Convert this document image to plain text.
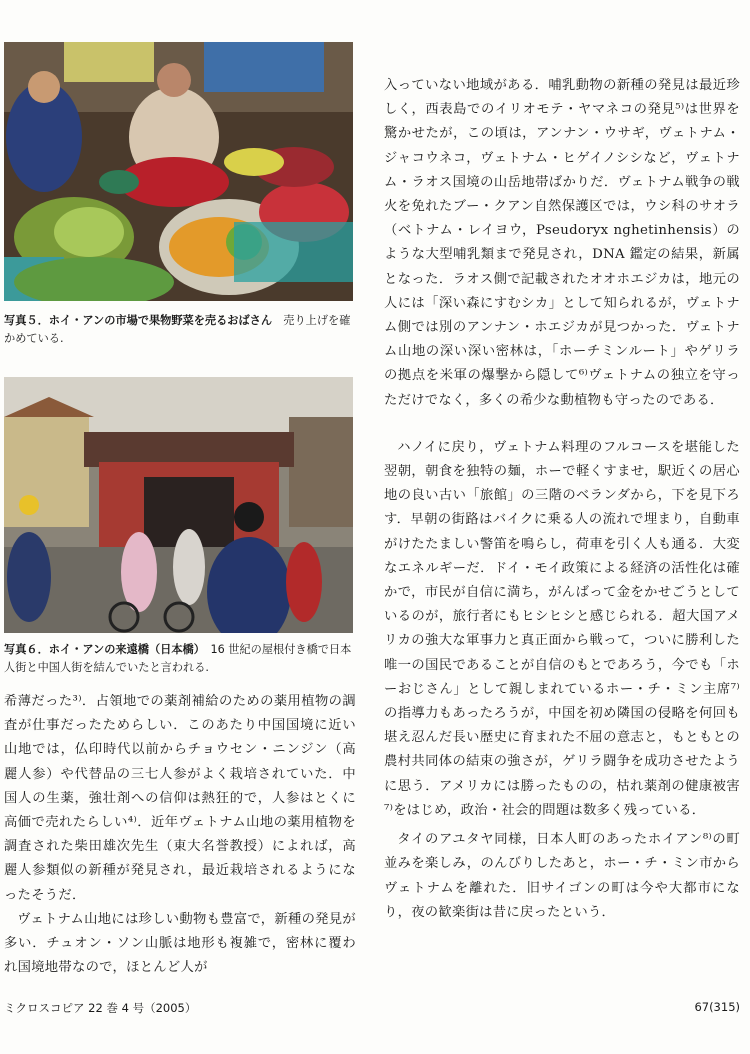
写真５．ホイ・アンの市場で果物野菜を売るおばさん　売り上げを確かめている.

写真６．ホイ・アンの来遠橋（日本橋）　16 世紀の屋根付き橋で日本人街と中国人街を結んでいたと言われる.

入っていない地域がある．哺乳動物の新種の発見は最近珍しく，西表島でのイリオモテ・ヤマネコの発見⁵⁾は世界を驚かせたが，この頃は，アンナン・ウサギ，ヴェトナム・ジャコウネコ，ヴェトナム・ヒゲイノシシなど，ヴェトナム・ラオス国境の山岳地帯ばかりだ．ヴェトナム戦争の戦火を免れたブー・クアン自然保護区では，ウシ科のサオラ（ベトナム・レイヨウ，Pseudoryx nghetinhensis）のような大型哺乳類まで発見され，DNA 鑑定の結果，新属となった．ラオス側で記載されたオオホエジカは，地元の人には「深い森にすむシカ」として知られるが，ヴェトナム側では別のアンナン・ホエジカが見つかった．ヴェトナム山地の深い深い密林は，「ホーチミンルート」やゲリラの拠点を米軍の爆撃から隠して⁶⁾ヴェトナムの独立を守っただけでなく，多くの希少な動植物も守ったのである．

ハノイに戻り，ヴェトナム料理のフルコースを堪能した翌朝，朝食を独特の麺，ホーで軽くすませ，駅近くの居心地の良い古い「旅館」の三階のベランダから，下を見下ろす．早朝の街路はバイクに乗る人の流れで埋まり，自動車がけたたましい警笛を鳴らし，荷車を引く人も通る．大変なエネルギーだ．ドイ・モイ政策による経済の活性化は確かで，市民が自信に満ち，がんばって金をかせごうとしているのが，旅行者にもヒシヒシと感じられる．超大国アメリカの強大な軍事力と真正面から戦って，ついに勝利した唯一の国民であることが自信のもとであろう，今でも「ホーおじさん」として親しまれているホー・チ・ミン主席⁷⁾の指導力もあったろうが，中国を初め隣国の侵略を何回も堪え忍んだ長い歴史に育まれた不屈の意志と，もともとの農村共同体の結束の強さが，ゲリラ闘争を成功させたように思う．アメリカには勝ったものの，枯れ薬剤の健康被害⁷⁾をはじめ，政治・社会的問題は数多く残っている．

タイのアユタヤ同様，日本人町のあったホイアン⁸⁾の町並みを楽しみ，のんびりしたあと，ホー・チ・ミン市からヴェトナムを離れた．旧サイゴンの町は今や大都市になり，夜の歓楽街は昔に戻ったという．

希薄だった³⁾．占領地での薬剤補給のための薬用植物の調査が仕事だったためらしい．このあたり中国国境に近い山地では，仏印時代以前からチョウセン・ニンジン（高麗人参）や代替品の三七人参がよく栽培されていた．中国人の生薬，強壮剤への信仰は熱狂的で，人参はとくに高価で売れたらしい⁴⁾．近年ヴェトナム山地の薬用植物を調査された柴田雄次先生（東大名誉教授）によれば，高麗人参類似の新種が発見され，最近栽培されるようになったそうだ．

ヴェトナム山地には珍しい動物も豊富で，新種の発見が多い．チュオン・ソン山脈は地形も複雑で，密林に覆われ国境地帯なので，ほとんど人が

ミクロスコピア 22 巻 4 号（2005）	67(315)
